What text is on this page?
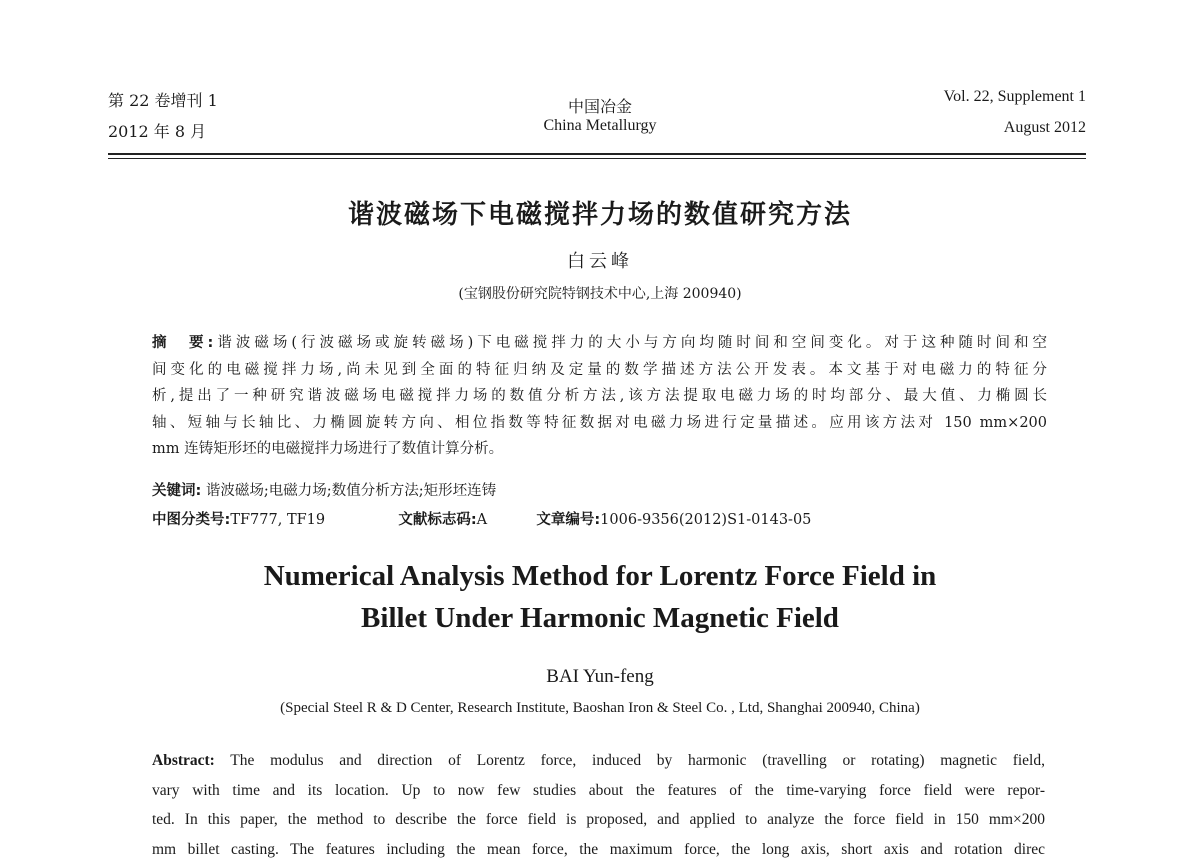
第 22 卷增刊 1
2012 年 8 月
中国冶金
China Metallurgy
Vol. 22, Supplement 1
August 2012
谐波磁场下电磁搅拌力场的数值研究方法
白云峰
(宝钢股份研究院特钢技术中心,上海 200940)
摘　要:谐波磁场(行波磁场或旋转磁场)下电磁搅拌力的大小与方向均随时间和空间变化。对于这种随时间和空
间变化的电磁搅拌力场,尚未见到全面的特征归纳及定量的数学描述方法公开发表。本文基于对电磁力的特征分
析,提出了一种研究谐波磁场电磁搅拌力场的数值分析方法,该方法提取电磁力场的时均部分、最大值、力椭圆长
轴、短轴与长轴比、力椭圆旋转方向、相位指数等特征数据对电磁力场进行定量描述。应用该方法对 150 mm×200
mm 连铸矩形坯的电磁搅拌力场进行了数值计算分析。
关键词: 谐波磁场;电磁力场;数值分析方法;矩形坯连铸
中图分类号:TF777, TF19	文献标志码:A	文章编号:1006-9356(2012)S1-0143-05
Numerical Analysis Method for Lorentz Force Field in
Billet Under Harmonic Magnetic Field
BAI Yun-feng
(Special Steel R & D Center, Research Institute, Baoshan Iron & Steel Co. , Ltd, Shanghai 200940, China)
Abstract: The modulus and direction of Lorentz force, induced by harmonic (travelling or rotating) magnetic field,
vary with time and its location. Up to now few studies about the features of the time-varying force field were repor-
ted. In this paper, the method to describe the force field is proposed, and applied to analyze the force field in 150 mm×200
mm billet casting. The features including the mean force, the maximum force, the long axis, short axis and rotation direc
